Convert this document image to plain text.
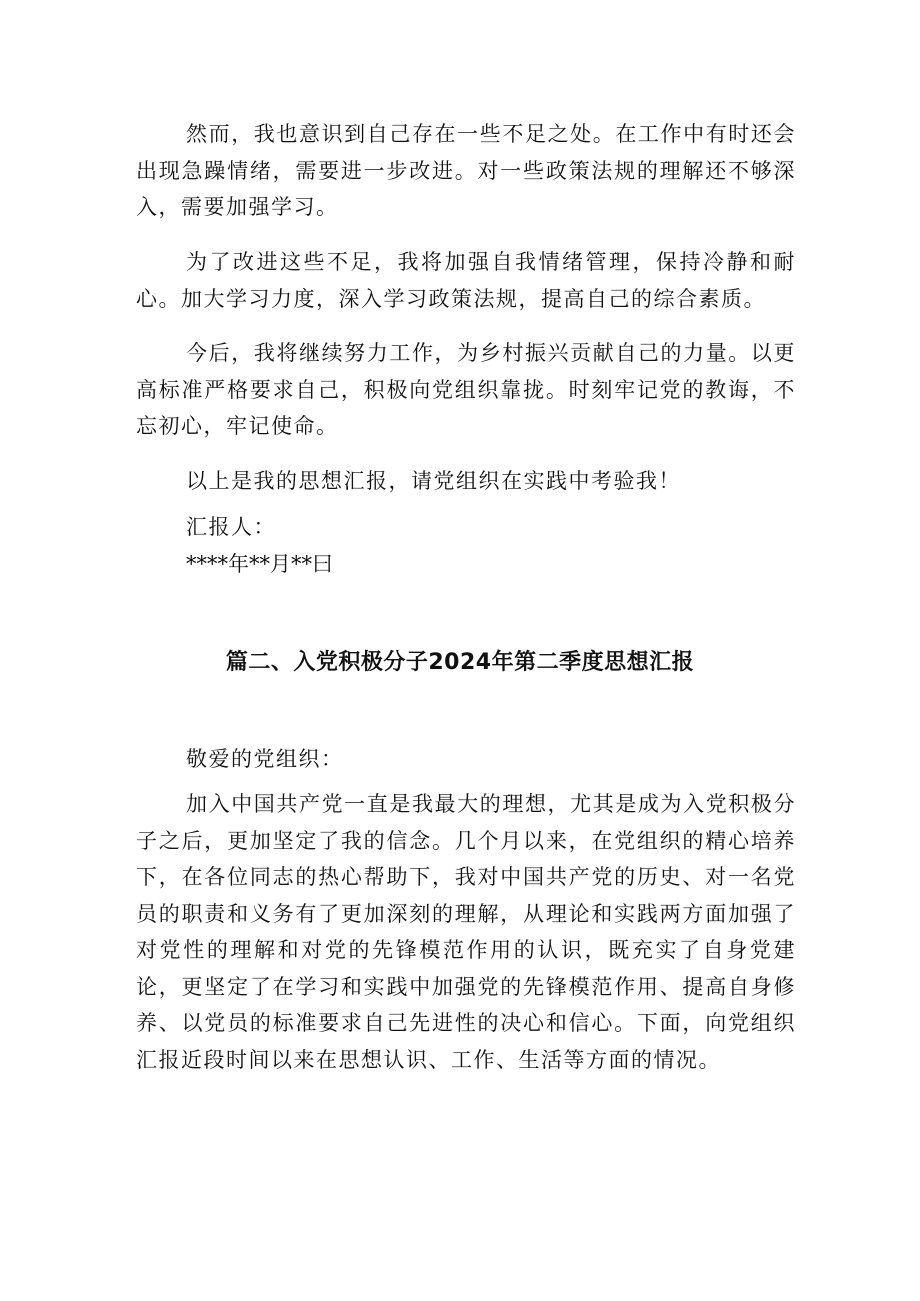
然而，我也意识到自己存在一些不足之处。在工作中有时还会出现急躁情绪，需要进一步改进。对一些政策法规的理解还不够深入，需要加强学习。

为了改进这些不足，我将加强自我情绪管理，保持冷静和耐心。加大学习力度，深入学习政策法规，提高自己的综合素质。

今后，我将继续努力工作，为乡村振兴贡献自己的力量。以更高标准严格要求自己，积极向党组织靠拢。时刻牢记党的教诲，不忘初心，牢记使命。

以上是我的思想汇报，请党组织在实践中考验我！

汇报人：

****年**月**曰

篇二、入党积极分子2024年第二季度思想汇报

敬爱的党组织：

加入中国共产党一直是我最大的理想，尤其是成为入党积极分子之后，更加坚定了我的信念。几个月以来，在党组织的精心培养下，在各位同志的热心帮助下，我对中国共产党的历史、对一名党员的职责和义务有了更加深刻的理解，从理论和实践两方面加强了对党性的理解和对党的先锋模范作用的认识，既充实了自身党建论，更坚定了在学习和实践中加强党的先锋模范作用、提高自身修养、以党员的标准要求自己先进性的决心和信心。下面，向党组织汇报近段时间以来在思想认识、工作、生活等方面的情况。
